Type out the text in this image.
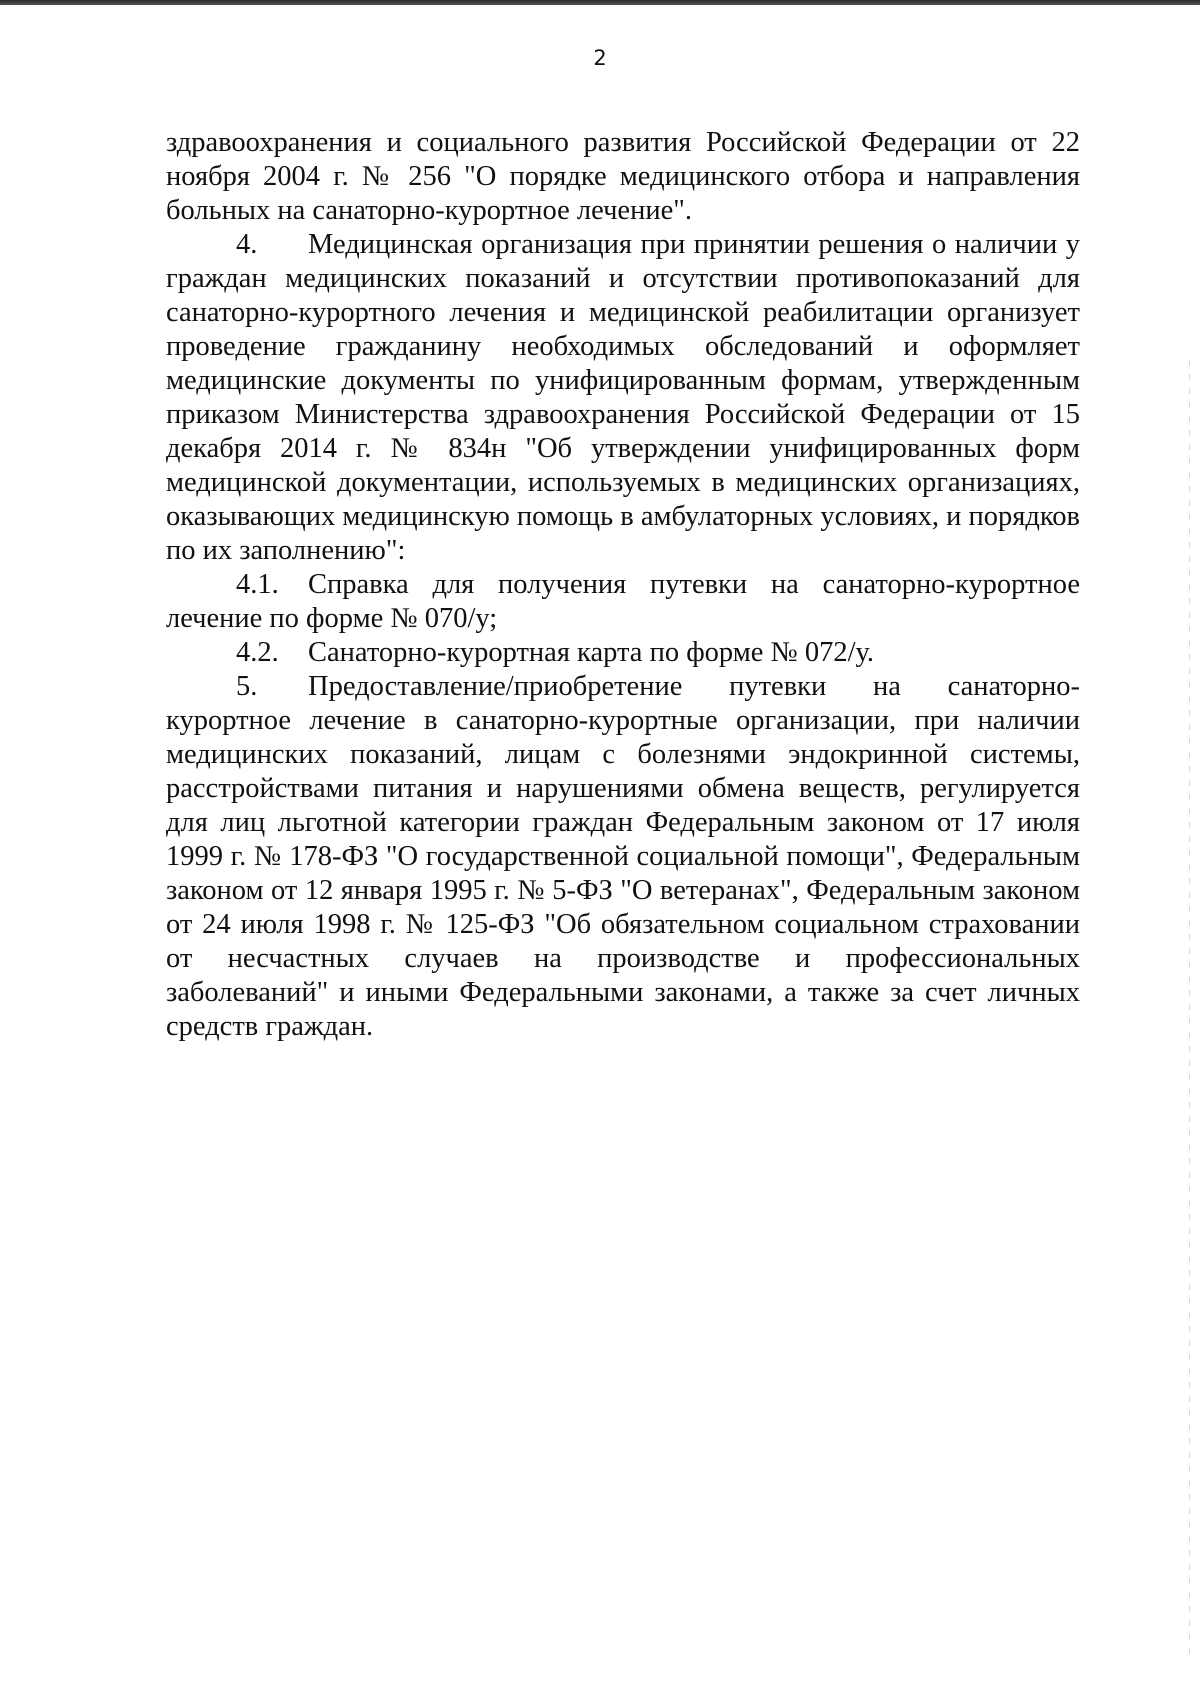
2

здравоохранения и социального развития Российской Федерации от 22 ноября 2004 г. № 256 "О порядке медицинского отбора и направления больных на санаторно-курортное лечение".

4. Медицинская организация при принятии решения о наличии у граждан медицинских показаний и отсутствии противопоказаний для санаторно-курортного лечения и медицинской реабилитации организует проведение гражданину необходимых обследований и оформляет медицинские документы по унифицированным формам, утвержденным приказом Министерства здравоохранения Российской Федерации от 15 декабря 2014 г. № 834н "Об утверждении унифицированных форм медицинской документации, используемых в медицинских организациях, оказывающих медицинскую помощь в амбулаторных условиях, и порядков по их заполнению":

4.1. Справка для получения путевки на санаторно-курортное лечение по форме № 070/у;

4.2. Санаторно-курортная карта по форме № 072/у.

5. Предоставление/приобретение путевки на санаторно-курортное лечение в санаторно-курортные организации, при наличии медицинских показаний, лицам с болезнями эндокринной системы, расстройствами питания и нарушениями обмена веществ, регулируется для лиц льготной категории граждан Федеральным законом от 17 июля 1999 г. № 178-ФЗ "О государственной социальной помощи", Федеральным законом от 12 января 1995 г. № 5-ФЗ "О ветеранах", Федеральным законом от 24 июля 1998 г. № 125-ФЗ "Об обязательном социальном страховании от несчастных случаев на производстве и профессиональных заболеваний" и иными Федеральными законами, а также за счет личных средств граждан.
